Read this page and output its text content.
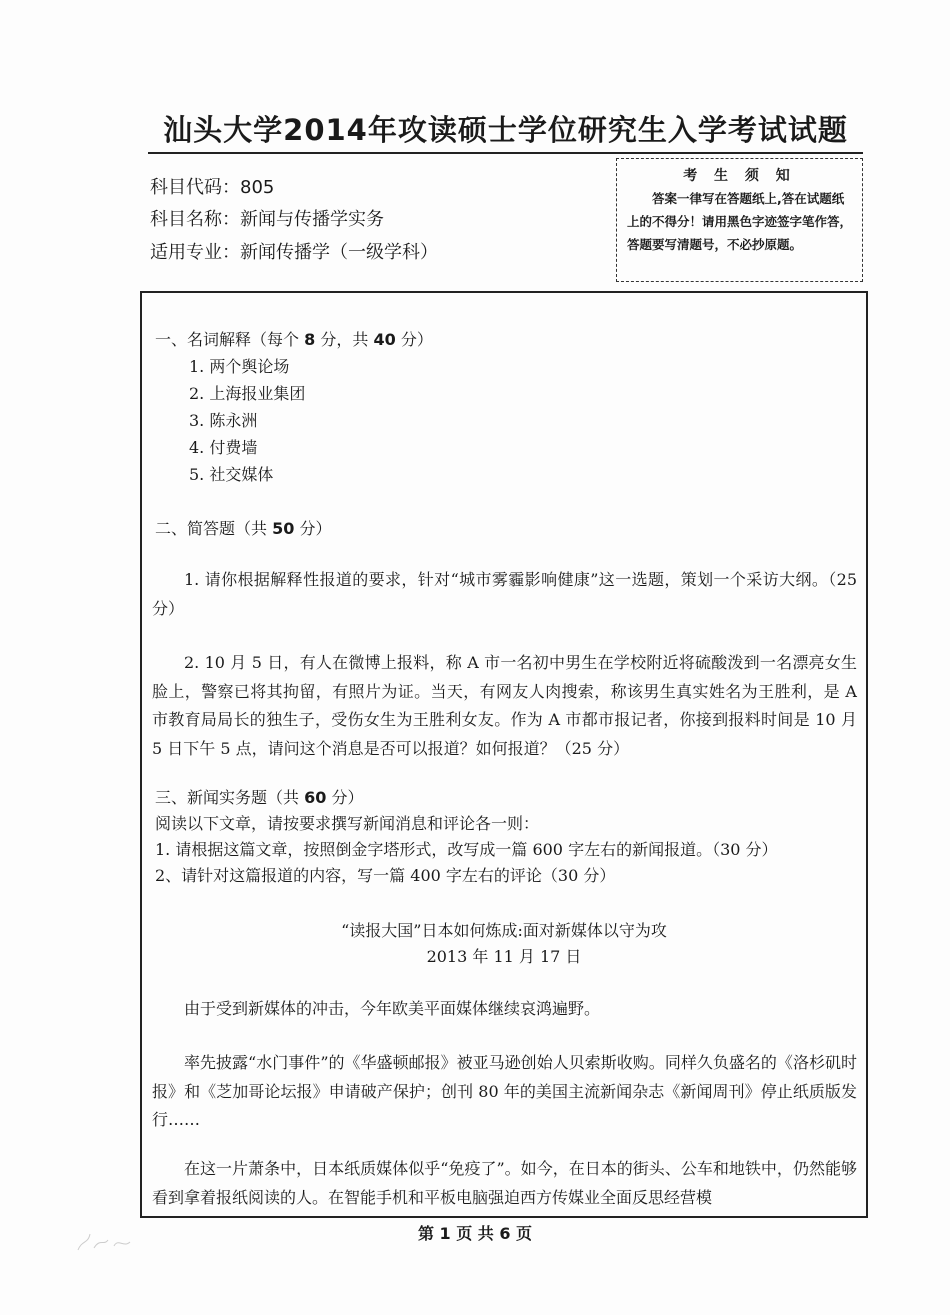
汕头大学2014年攻读硕士学位研究生入学考试试题
科目代码：805
科目名称：新闻与传播学实务
适用专业：新闻传播学（一级学科）
考 生 须 知
答案一律写在答题纸上,答在试题纸上的不得分！请用黑色字迹签字笔作答，答题要写清题号，不必抄原题。
一、名词解释（每个 8 分，共 40 分）
1. 两个舆论场
2. 上海报业集团
3. 陈永洲
4. 付费墙
5. 社交媒体
二、简答题（共 50 分）
1. 请你根据解释性报道的要求，针对“城市雾霾影响健康”这一选题，策划一个采访大纲。（25 分）
2. 10 月 5 日，有人在微博上报料，称 A 市一名初中男生在学校附近将硫酸泼到一名漂亮女生脸上，警察已将其拘留，有照片为证。当天，有网友人肉搜索，称该男生真实姓名为王胜利，是 A 市教育局局长的独生子，受伤女生为王胜利女友。作为 A 市都市报记者，你接到报料时间是 10 月 5 日下午 5 点，请问这个消息是否可以报道？如何报道？（25 分）
三、新闻实务题（共 60 分）
阅读以下文章，请按要求撰写新闻消息和评论各一则：
1. 请根据这篇文章，按照倒金字塔形式，改写成一篇 600 字左右的新闻报道。（30 分）
2、请针对这篇报道的内容，写一篇 400 字左右的评论（30 分）
“读报大国”日本如何炼成:面对新媒体以守为攻
2013 年 11 月 17 日
由于受到新媒体的冲击，今年欧美平面媒体继续哀鸿遍野。
率先披露“水门事件”的《华盛顿邮报》被亚马逊创始人贝索斯收购。同样久负盛名的《洛杉矶时报》和《芝加哥论坛报》申请破产保护；创刊 80 年的美国主流新闻杂志《新闻周刊》停止纸质版发行……
在这一片萧条中，日本纸质媒体似乎“免疫了”。如今，在日本的街头、公车和地铁中，仍然能够看到拿着报纸阅读的人。在智能手机和平板电脑强迫西方传媒业全面反思经营模
第 1 页 共 6 页
